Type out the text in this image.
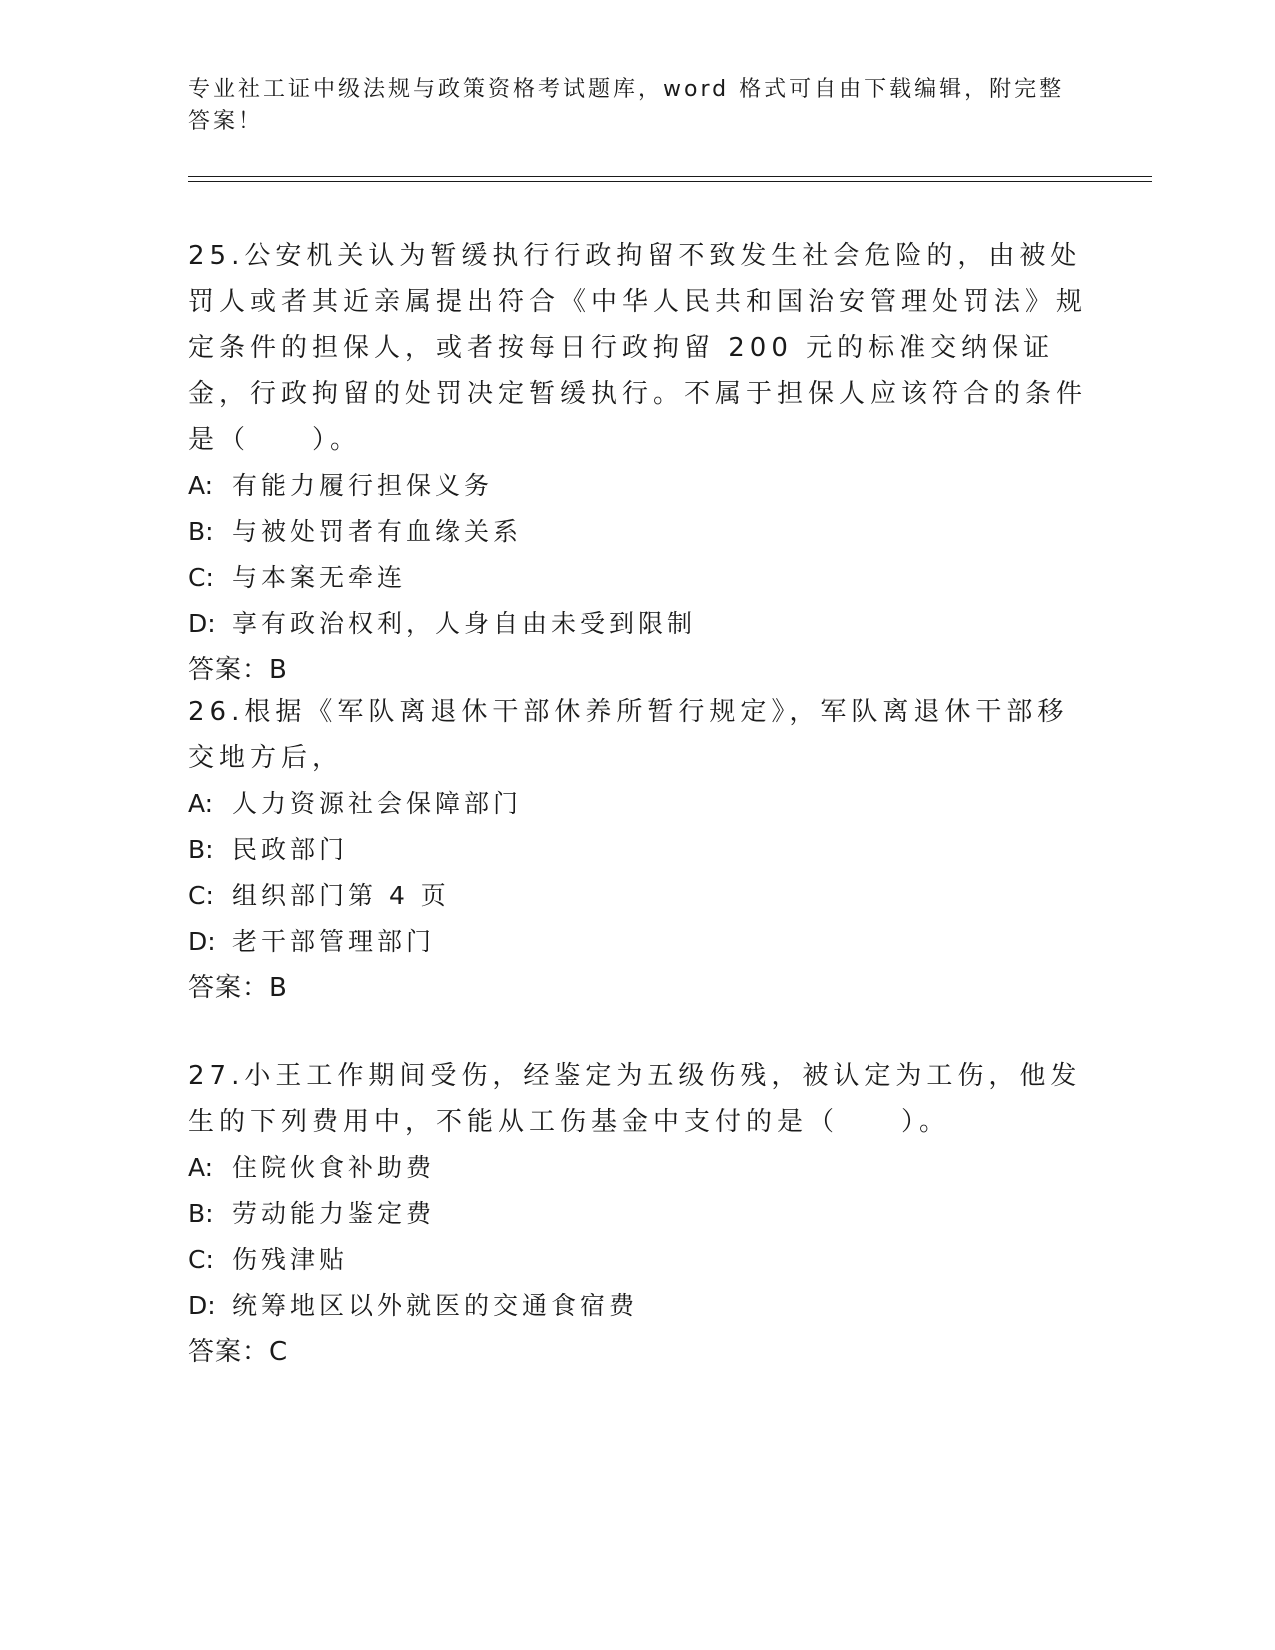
专业社工证中级法规与政策资格考试题库，word 格式可自由下载编辑，附完整答案！

25.公安机关认为暂缓执行行政拘留不致发生社会危险的，由被处罚人或者其近亲属提出符合《中华人民共和国治安管理处罚法》规定条件的担保人，或者按每日行政拘留 200 元的标准交纳保证金，行政拘留的处罚决定暂缓执行。不属于担保人应该符合的条件是（　　）。

A: 有能力履行担保义务

B: 与被处罚者有血缘关系

C: 与本案无牵连

D: 享有政治权利，人身自由未受到限制

答案：B

26.根据《军队离退休干部休养所暂行规定》，军队离退休干部移交地方后，

A: 人力资源社会保障部门

B: 民政部门

C: 组织部门第 4 页

D: 老干部管理部门

答案：B

27.小王工作期间受伤，经鉴定为五级伤残，被认定为工伤，他发生的下列费用中，不能从工伤基金中支付的是（　　）。

A: 住院伙食补助费

B: 劳动能力鉴定费

C: 伤残津贴

D: 统筹地区以外就医的交通食宿费

答案：C
